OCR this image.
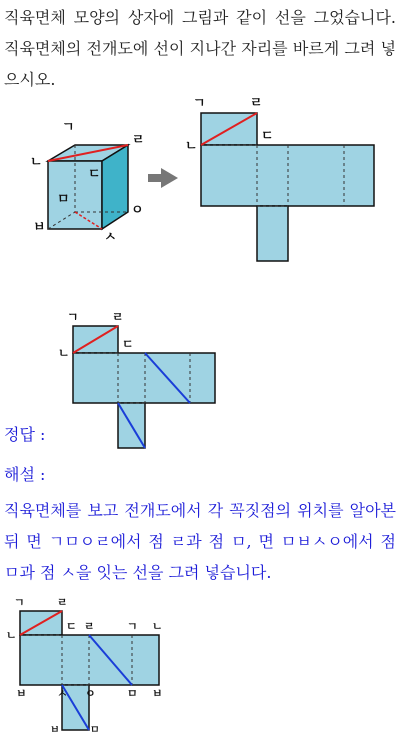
직육면체 모양의 상자에 그림과 같이 선을 그었습니다. 직육면체의 전개도에 선이 지나간 자리를 바르게 그려 넣으시오.

ㄱ
ㄹ
ㄴ
ㄷ
ㅁ
ㅇ
ㅂ
ㅅ
ㄱ	ㄹ
ㄴ
ㄷ
ㄱ	ㄹ
ㄴ
ㄷ
ㄱ	ㄹ
ㄴ
ㄷ ㄹ	ㄱ ㄴ
ㅂ	ㅅ ㅇ	ㅁ ㅂ
ㅂ	ㅁ

정답 :

해설 :

직육면체를 보고 전개도에서 각 꼭짓점의 위치를 알아본 뒤 면 ㄱㅁㅇㄹ에서 점 ㄹ과 점 ㅁ, 면 ㅁㅂㅅㅇ에서 점 ㅁ과 점 ㅅ을 잇는 선을 그려 넣습니다.
